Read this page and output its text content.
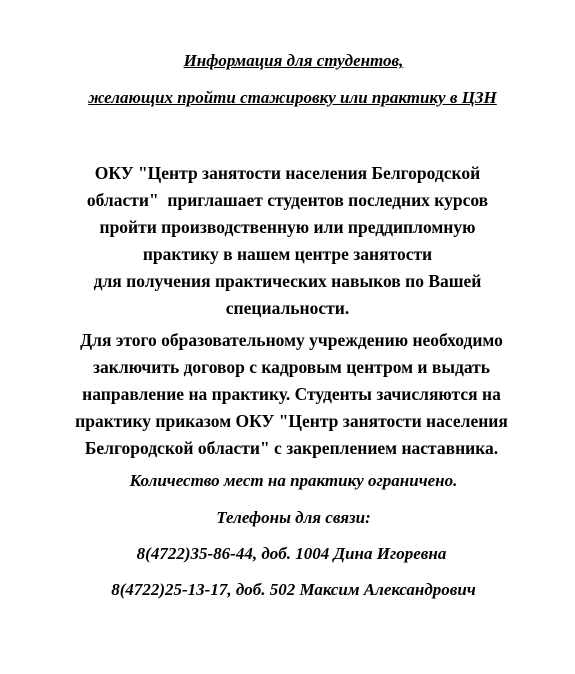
Информация для студентов,
желающих пройти стажировку или практику в ЦЗН
ОКУ "Центр занятости населения Белгородской
области"  приглашает студентов последних курсов
пройти производственную или преддипломную
практику в нашем центре занятости
для получения практических навыков по Вашей
специальности.
Для этого образовательному учреждению необходимо
заключить договор с кадровым центром и выдать
направление на практику. Студенты зачисляются на
практику приказом ОКУ "Центр занятости населения
Белгородской области" с закреплением наставника.
Количество мест на практику ограничено.
Телефоны для связи:
8(4722)35-86-44, доб. 1004 Дина Игоревна
8(4722)25-13-17, доб. 502 Максим Александрович
